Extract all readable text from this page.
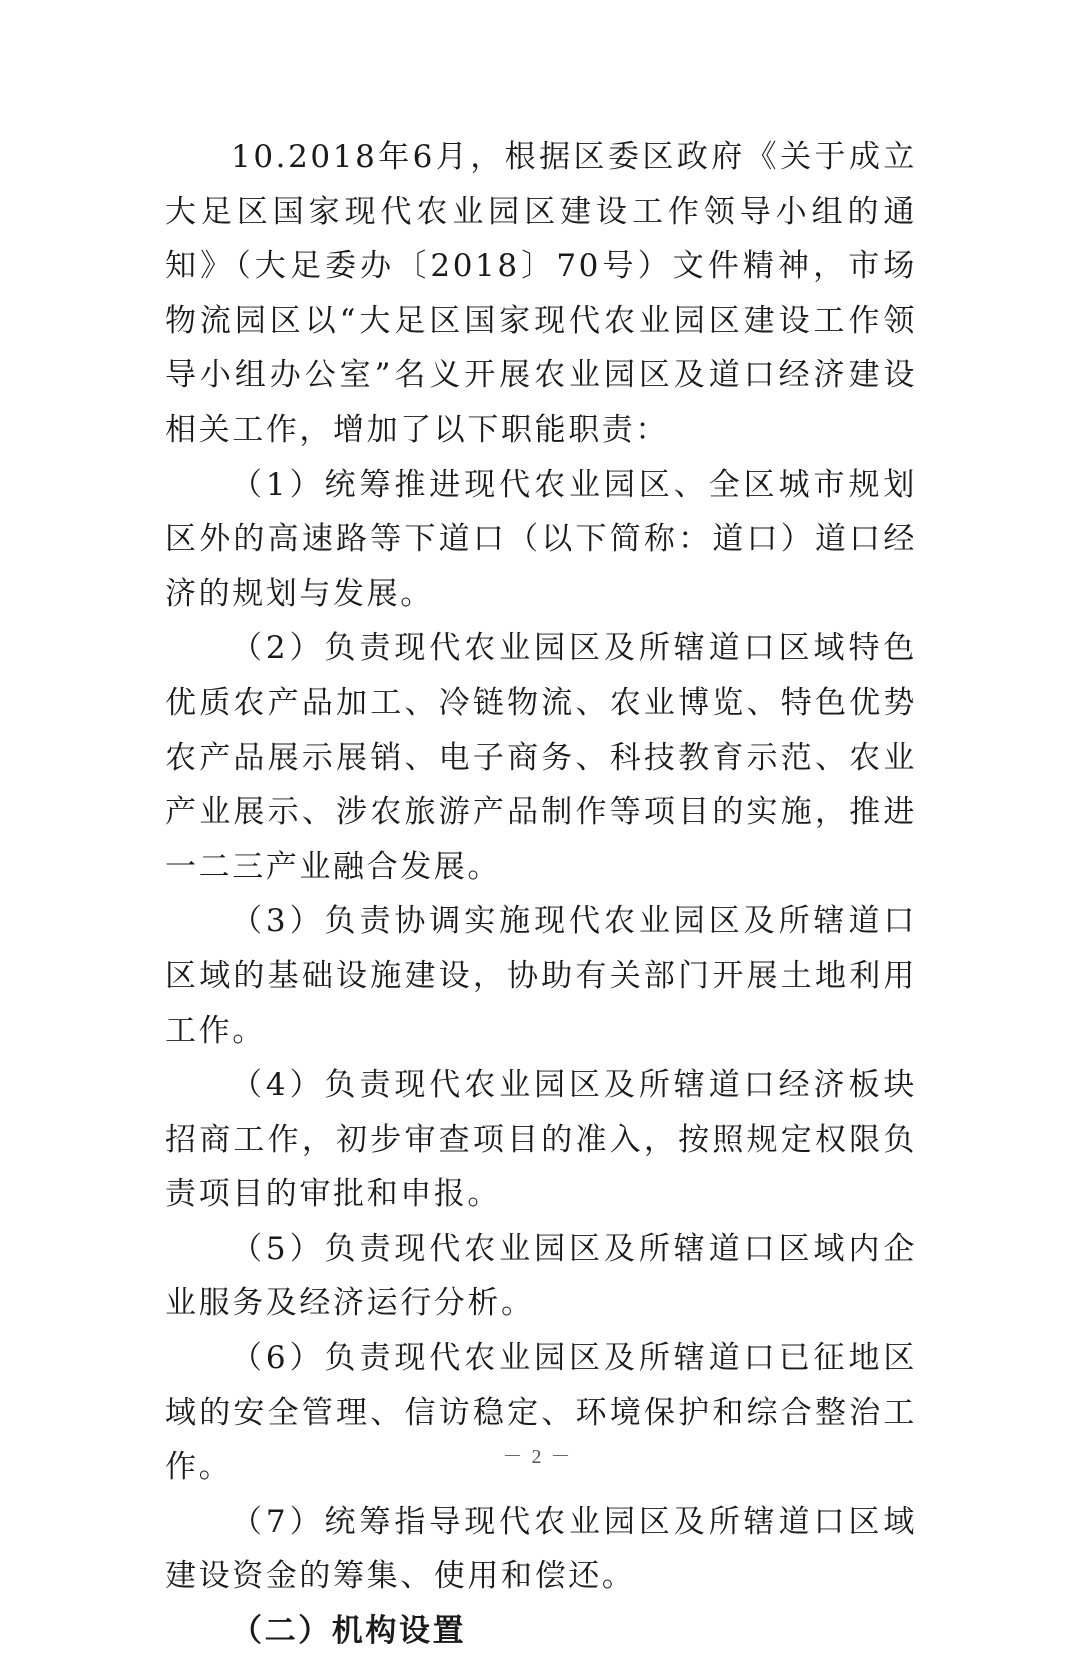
10.2018年6月，根据区委区政府《关于成立大足区国家现代农业园区建设工作领导小组的通知》（大足委办〔2018〕70号）文件精神，市场物流园区以“大足区国家现代农业园区建设工作领导小组办公室”名义开展农业园区及道口经济建设相关工作，增加了以下职能职责：

（1）统筹推进现代农业园区、全区城市规划区外的高速路等下道口（以下简称：道口）道口经济的规划与发展。

（2）负责现代农业园区及所辖道口区域特色优质农产品加工、冷链物流、农业博览、特色优势农产品展示展销、电子商务、科技教育示范、农业产业展示、涉农旅游产品制作等项目的实施，推进一二三产业融合发展。

（3）负责协调实施现代农业园区及所辖道口区域的基础设施建设，协助有关部门开展土地利用工作。

（4）负责现代农业园区及所辖道口经济板块招商工作，初步审查项目的准入，按照规定权限负责项目的审批和申报。

（5）负责现代农业园区及所辖道口区域内企业服务及经济运行分析。

（6）负责现代农业园区及所辖道口已征地区域的安全管理、信访稳定、环境保护和综合整治工作。

（7）统筹指导现代农业园区及所辖道口区域建设资金的筹集、使用和偿还。

（二）机构设置

－ 2 －
